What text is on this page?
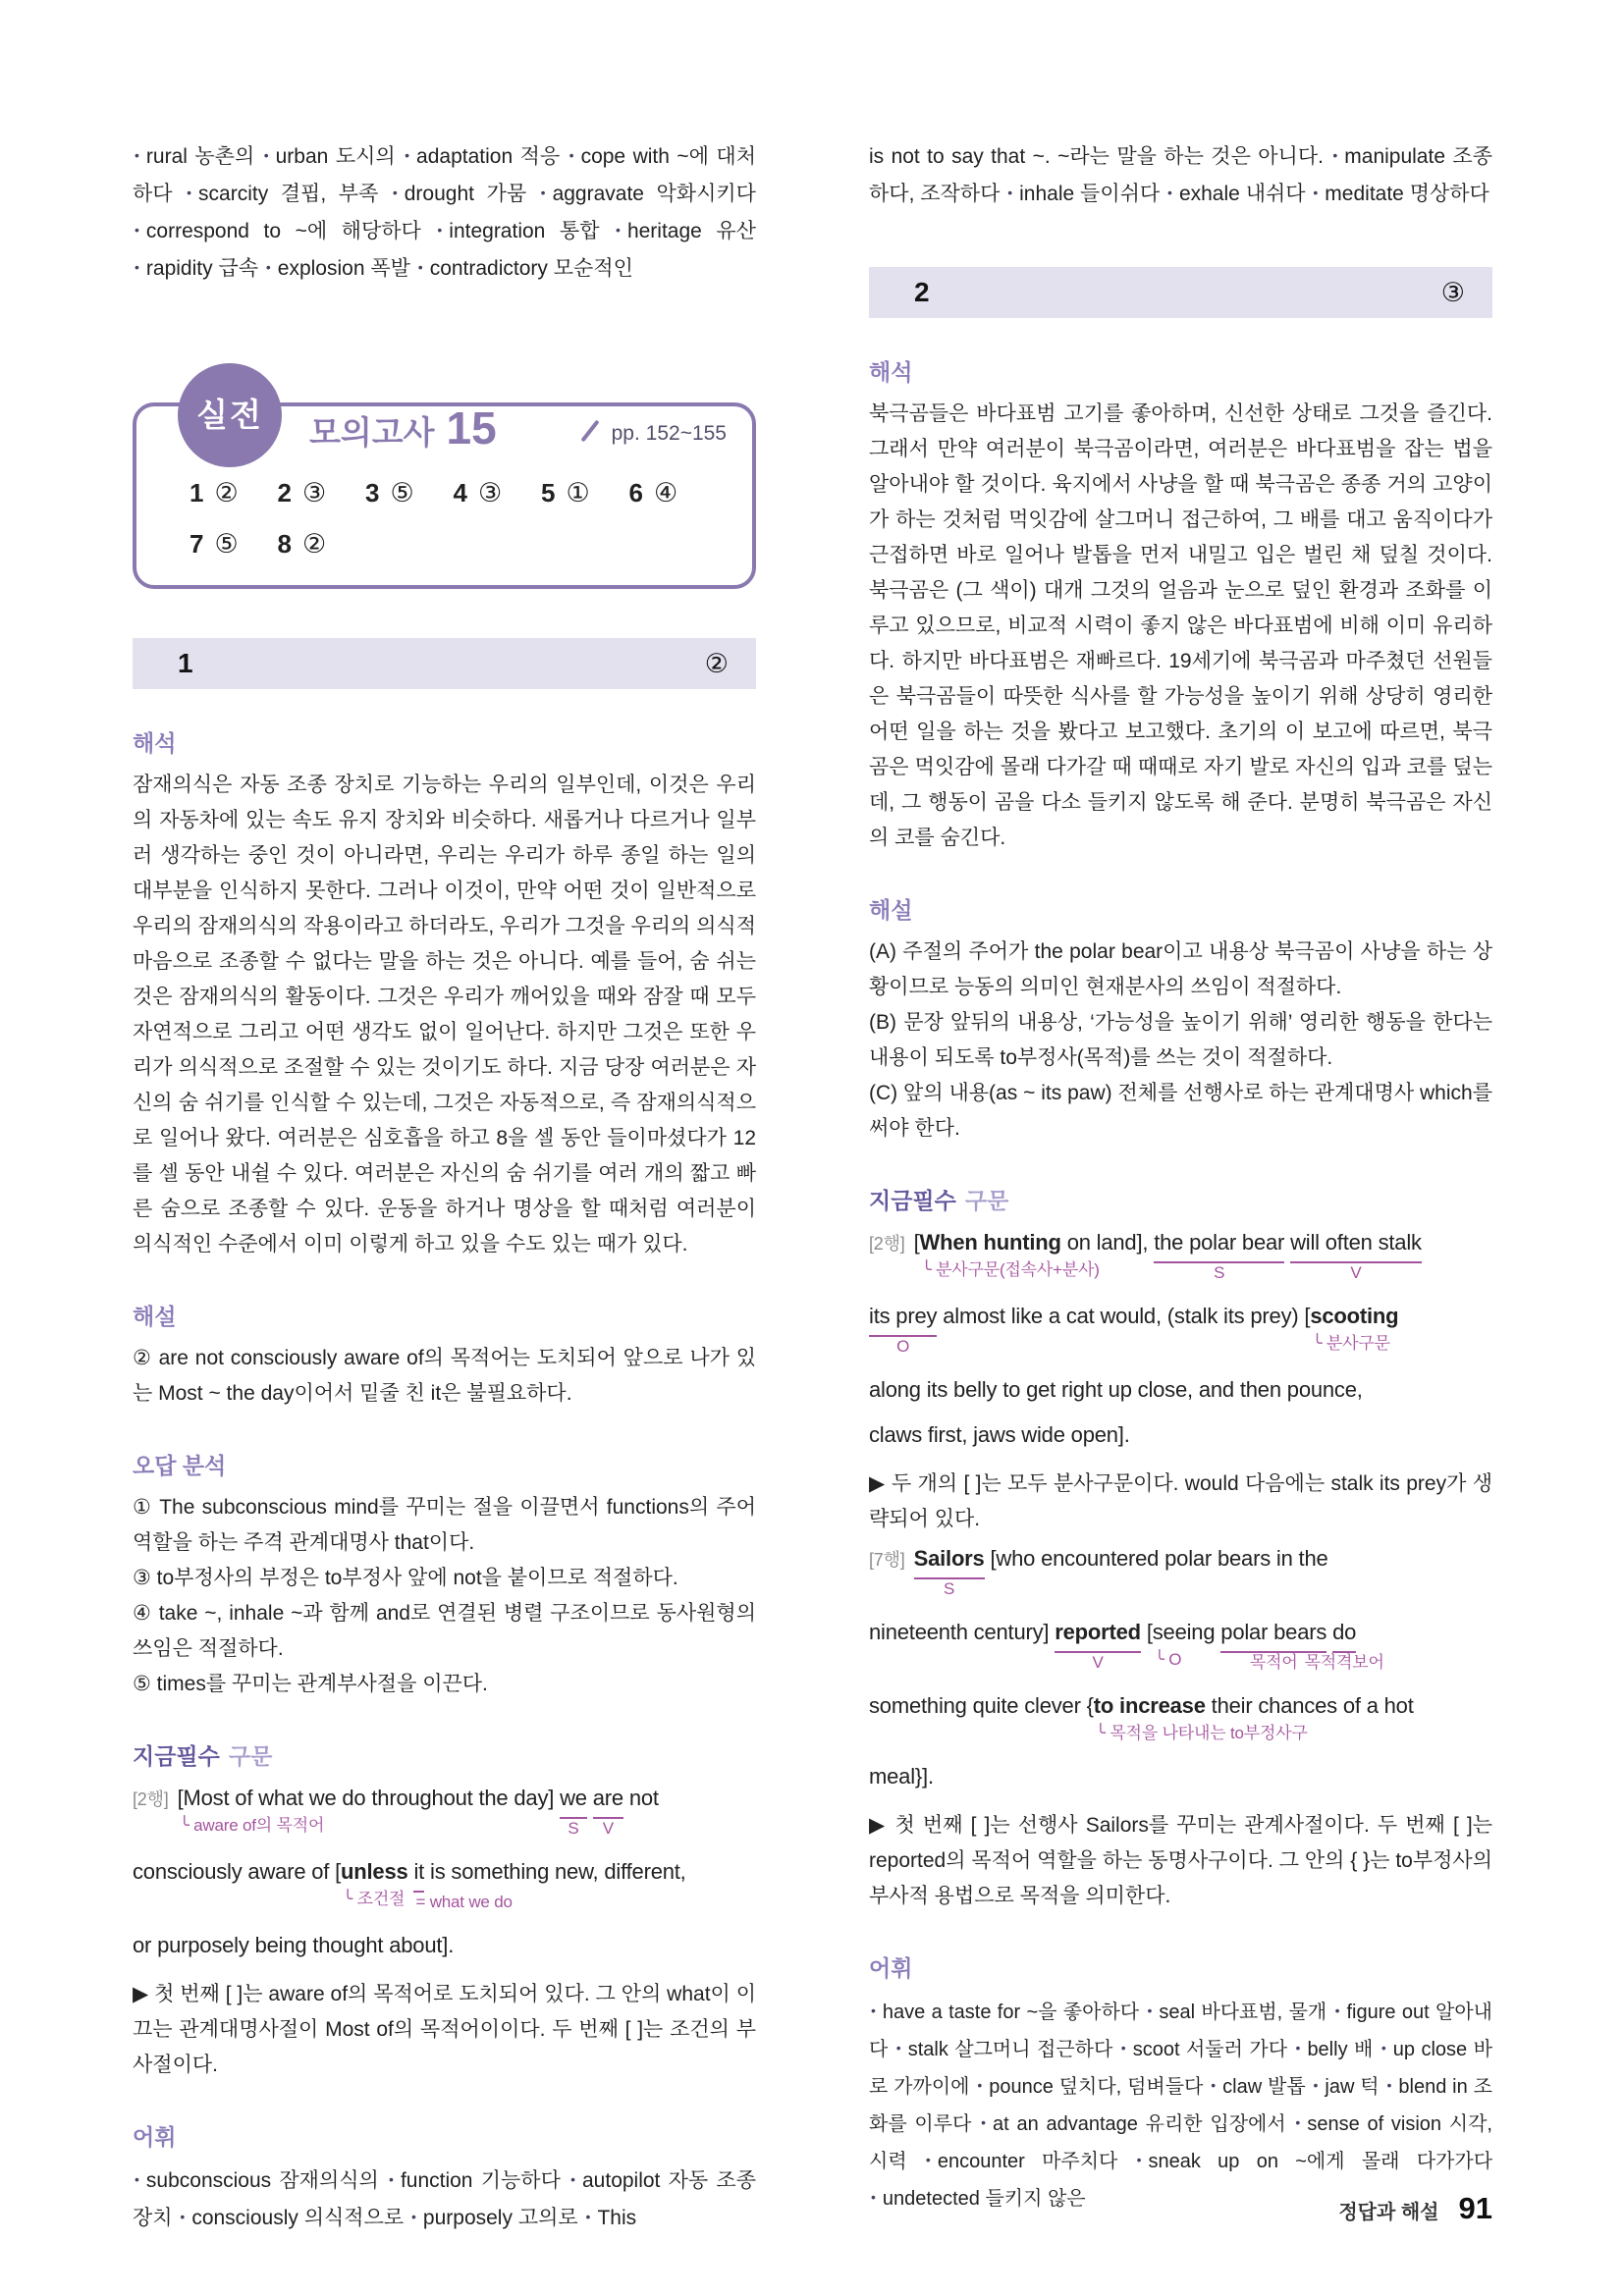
• rural 농촌의 • urban 도시의 • adaptation 적응 • cope with ~에 대처하다 • scarcity 결핍, 부족 • drought 가뭄 • aggravate 악화시키다 • correspond to ~에 해당하다 • integration 통합 • heritage 유산 • rapidity 급속 • explosion 폭발 • contradictory 모순적인

실전 모의고사 15	pp. 152~155
1 ② 2 ③ 3 ⑤ 4 ③ 5 ① 6 ④
7 ⑤ 8 ②
1	②
해석

잠재의식은 자동 조종 장치로 기능하는 우리의 일부인데, 이것은 우리의 자동차에 있는 속도 유지 장치와 비슷하다. 새롭거나 다르거나 일부러 생각하는 중인 것이 아니라면, 우리는 우리가 하루 종일 하는 일의 대부분을 인식하지 못한다. 그러나 이것이, 만약 어떤 것이 일반적으로 우리의 잠재의식의 작용이라고 하더라도, 우리가 그것을 우리의 의식적 마음으로 조종할 수 없다는 말을 하는 것은 아니다. 예를 들어, 숨 쉬는 것은 잠재의식의 활동이다. 그것은 우리가 깨어있을 때와 잠잘 때 모두 자연적으로 그리고 어떤 생각도 없이 일어난다. 하지만 그것은 또한 우리가 의식적으로 조절할 수 있는 것이기도 하다. 지금 당장 여러분은 자신의 숨 쉬기를 인식할 수 있는데, 그것은 자동적으로, 즉 잠재의식적으로 일어나 왔다. 여러분은 심호흡을 하고 8을 셀 동안 들이마셨다가 12를 셀 동안 내쉴 수 있다. 여러분은 자신의 숨 쉬기를 여러 개의 짧고 빠른 숨으로 조종할 수 있다. 운동을 하거나 명상을 할 때처럼 여러분이 의식적인 수준에서 이미 이렇게 하고 있을 수도 있는 때가 있다.

해설

② are not consciously aware of의 목적어는 도치되어 앞으로 나가 있는 Most ~ the day이어서 밑줄 친 it은 불필요하다.

오답 분석

① The subconscious mind를 꾸미는 절을 이끌면서 functions의 주어 역할을 하는 주격 관계대명사 that이다.

③ to부정사의 부정은 to부정사 앞에 not을 붙이므로 적절하다.

④ take ~, inhale ~과 함께 and로 연결된 병렬 구조이므로 동사원형의 쓰임은 적절하다.

⑤ times를 꾸미는 관계부사절을 이끈다.

지금필수 구문
[2행] [Most of what we do throughout the day]
╰ aware of의 목적어
we
S
are
V
not
consciously aware of [unless
╰ 조건절
it
= what we do
is something new, different,
or purposely being thought about].

▶ 첫 번째 [ ]는 aware of의 목적어로 도치되어 있다. 그 안의 what이 이끄는 관계대명사절이 Most of의 목적어이이다. 두 번째 [ ]는 조건의 부사절이다.

어휘

• subconscious 잠재의식의 • function 기능하다 • autopilot 자동 조종 장치 • consciously 의식적으로 • purposely 고의로 • This

is not to say that ~. ~라는 말을 하는 것은 아니다. • manipulate 조종하다, 조작하다 • inhale 들이쉬다 • exhale 내쉬다 • meditate 명상하다

2	③
해석

북극곰들은 바다표범 고기를 좋아하며, 신선한 상태로 그것을 즐긴다. 그래서 만약 여러분이 북극곰이라면, 여러분은 바다표범을 잡는 법을 알아내야 할 것이다. 육지에서 사냥을 할 때 북극곰은 종종 거의 고양이가 하는 것처럼 먹잇감에 살그머니 접근하여, 그 배를 대고 움직이다가 근접하면 바로 일어나 발톱을 먼저 내밀고 입은 벌린 채 덮칠 것이다. 북극곰은 (그 색이) 대개 그것의 얼음과 눈으로 덮인 환경과 조화를 이루고 있으므로, 비교적 시력이 좋지 않은 바다표범에 비해 이미 유리하다. 하지만 바다표범은 재빠르다. 19세기에 북극곰과 마주쳤던 선원들은 북극곰들이 따뜻한 식사를 할 가능성을 높이기 위해 상당히 영리한 어떤 일을 하는 것을 봤다고 보고했다. 초기의 이 보고에 따르면, 북극곰은 먹잇감에 몰래 다가갈 때 때때로 자기 발로 자신의 입과 코를 덮는데, 그 행동이 곰을 다소 들키지 않도록 해 준다. 분명히 북극곰은 자신의 코를 숨긴다.

해설

(A) 주절의 주어가 the polar bear이고 내용상 북극곰이 사냥을 하는 상황이므로 능동의 의미인 현재분사의 쓰임이 적절하다.

(B) 문장 앞뒤의 내용상, ‘가능성을 높이기 위해’ 영리한 행동을 한다는 내용이 되도록 to부정사(목적)를 쓰는 것이 적절하다.

(C) 앞의 내용(as ~ its paw) 전체를 선행사로 하는 관계대명사 which를 써야 한다.

지금필수 구문
[2행] [When hunting
╰ 분사구문(접속사+분사)
on land], the polar bear
S
will often stalk
V
its prey
O
almost like a cat would, (stalk its prey) [scooting
╰ 분사구문
along its belly to get right up close, and then pounce,
claws first, jaws wide open].

▶ 두 개의 [ ]는 모두 분사구문이다. would 다음에는 stalk its prey가 생략되어 있다.

[7행] Sailors
S
[who encountered polar bears in the
nineteenth century] reported
V
[seeing
╰ O
polar bears
목적어
do
목적격보어
something quite clever {to increase
╰ 목적을 나타내는 to부정사구
their chances of a hot
meal}].

▶ 첫 번째 [ ]는 선행사 Sailors를 꾸미는 관계사절이다. 두 번째 [ ]는 reported의 목적어 역할을 하는 동명사구이다. 그 안의 { }는 to부정사의 부사적 용법으로 목적을 의미한다.

어휘

• have a taste for ~을 좋아하다 • seal 바다표범, 물개 • figure out 알아내다 • stalk 살그머니 접근하다 • scoot 서둘러 가다 • belly 배 • up close 바로 가까이에 • pounce 덮치다, 덤벼들다 • claw 발톱 • jaw 턱 • blend in 조화를 이루다 • at an advantage 유리한 입장에서 • sense of vision 시각, 시력 • encounter 마주치다 • sneak up on ~에게 몰래 다가가다 • undetected 들키지 않은

정답과 해설 91
